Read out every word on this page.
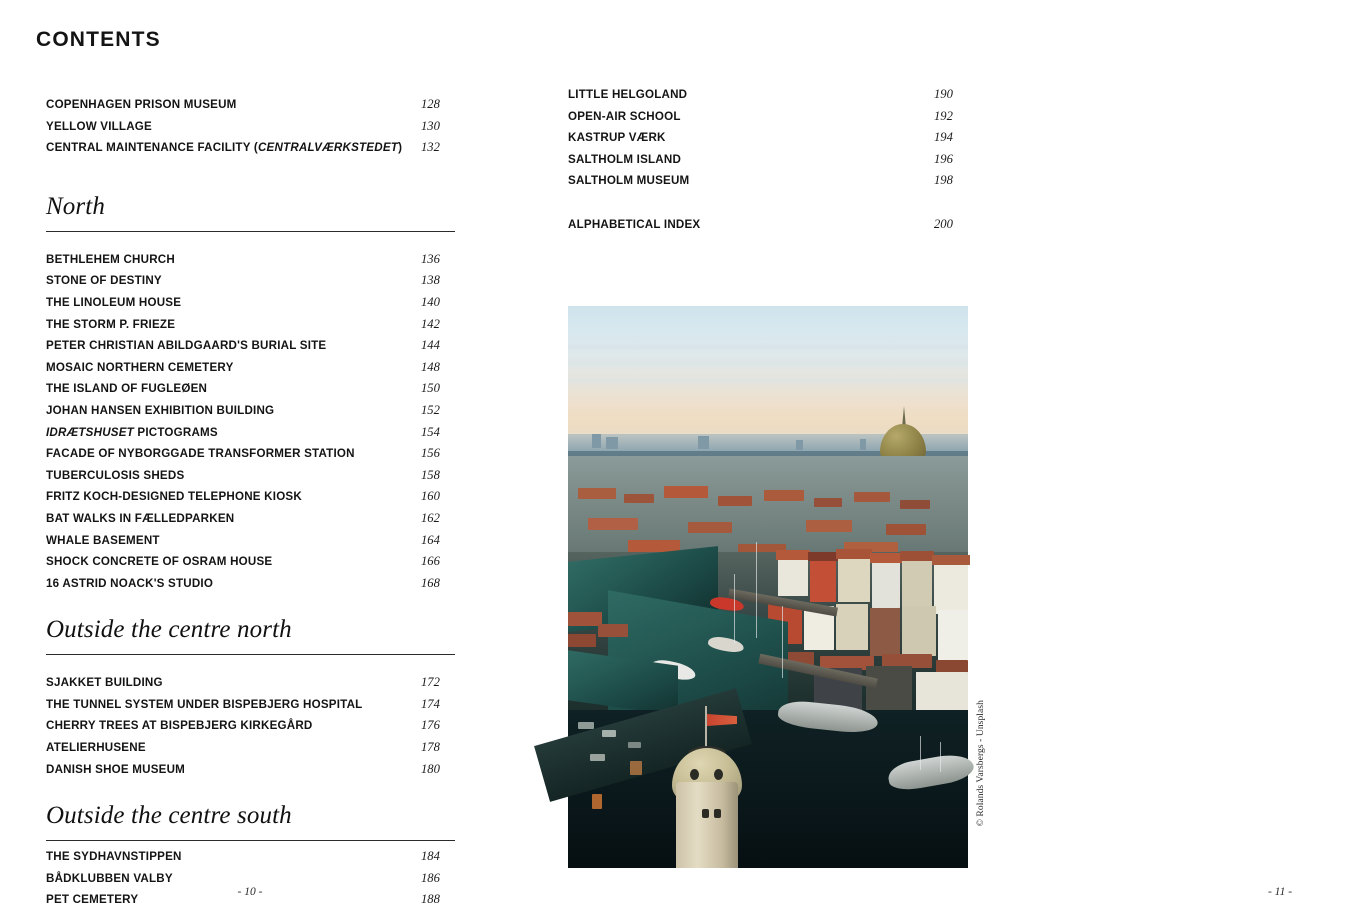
CONTENTS
COPENHAGEN PRISON MUSEUM	128
YELLOW VILLAGE	130
CENTRAL MAINTENANCE FACILITY (CENTRALVÆRKSTEDET) 132
North
BETHLEHEM CHURCH	136
STONE OF DESTINY	138
THE LINOLEUM HOUSE	140
THE STORM P. FRIEZE	142
PETER CHRISTIAN ABILDGAARD'S BURIAL SITE	144
MOSAIC NORTHERN CEMETERY	148
THE ISLAND OF FUGLEØEN	150
JOHAN HANSEN EXHIBITION BUILDING	152
IDRÆTSHUSET PICTOGRAMS	154
FACADE OF NYBORGGADE TRANSFORMER STATION	156
TUBERCULOSIS SHEDS	158
FRITZ KOCH-DESIGNED TELEPHONE KIOSK	160
BAT WALKS IN FÆLLEDPARKEN	162
WHALE BASEMENT	164
SHOCK CONCRETE OF OSRAM HOUSE	166
16 ASTRID NOACK'S STUDIO	168
Outside the centre north
SJAKKET BUILDING	172
THE TUNNEL SYSTEM UNDER BISPEBJERG HOSPITAL	174
CHERRY TREES AT BISPEBJERG KIRKEGÅRD	176
ATELIERHUSENE	178
DANISH SHOE MUSEUM	180
Outside the centre south
THE SYDHAVNSTIPPEN	184
BÅDKLUBBEN VALBY	186
PET CEMETERY	188
- 10 -
LITTLE HELGOLAND	190
OPEN-AIR SCHOOL	192
KASTRUP VÆRK	194
SALTHOLM ISLAND	196
SALTHOLM MUSEUM	198
ALPHABETICAL INDEX	200
- 11 -
© Rolands Varsbergs - Unsplash
